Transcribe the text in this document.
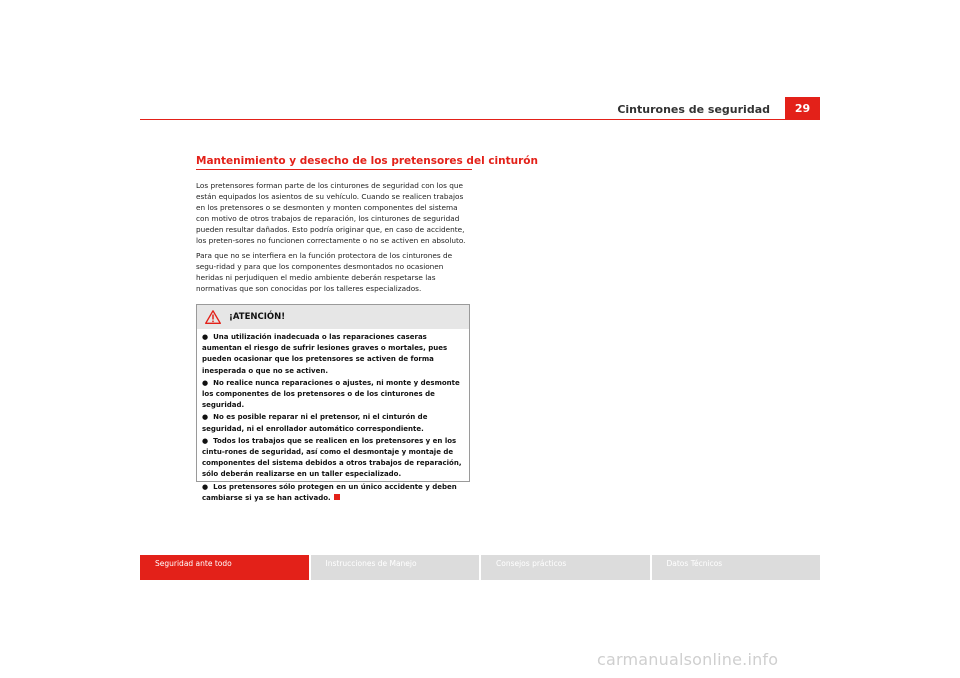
Cinturones de seguridad	29
Mantenimiento y desecho de los pretensores del cinturón

Los pretensores forman parte de los cinturones de seguridad con los que están equipados los asientos de su vehículo. Cuando se realicen trabajos en los pretensores o se desmonten y monten componentes del sistema con motivo de otros trabajos de reparación, los cinturones de seguridad pueden resultar dañados. Esto podría originar que, en caso de accidente, los preten-sores no funcionen correctamente o no se activen en absoluto.

Para que no se interfiera en la función protectora de los cinturones de segu-ridad y para que los componentes desmontados no ocasionen heridas ni perjudiquen el medio ambiente deberán respetarse las normativas que son conocidas por los talleres especializados.

¡ATENCIÓN!
● Una utilización inadecuada o las reparaciones caseras aumentan el riesgo de sufrir lesiones graves o mortales, pues pueden ocasionar que los pretensores se activen de forma inesperada o que no se activen.
● No realice nunca reparaciones o ajustes, ni monte y desmonte los componentes de los pretensores o de los cinturones de seguridad.
● No es posible reparar ni el pretensor, ni el cinturón de seguridad, ni el enrollador automático correspondiente.
● Todos los trabajos que se realicen en los pretensores y en los cintu-rones de seguridad, así como el desmontaje y montaje de componentes del sistema debidos a otros trabajos de reparación, sólo deberán realizarse en un taller especializado.
● Los pretensores sólo protegen en un único accidente y deben cambiarse si ya se han activado.
Seguridad ante todo	Instrucciones de Manejo	Consejos prácticos	Datos Técnicos
carmanualsonline.info
